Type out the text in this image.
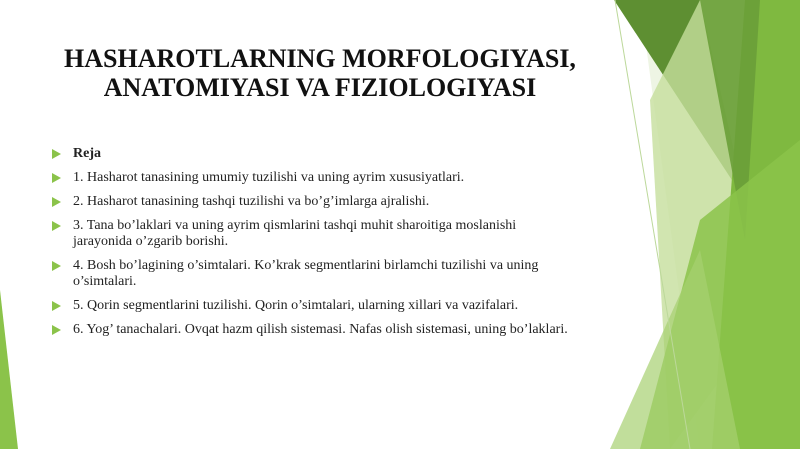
HASHAROTLARNING MORFOLOGIYASI,
ANATOMIYASI VA FIZIOLOGIYASI
Reja
1. Hasharot tanasining umumiy tuzilishi va uning ayrim xususiyatlari.
2. Hasharot tanasining tashqi tuzilishi va bo’g’imlarga ajralishi.
3. Tana bo’laklari va uning ayrim qismlarini tashqi muhit sharoitiga moslanishi jarayonida o’zgarib borishi.
4. Bosh bo’lagining o’simtalari. Ko’krak segmentlarini birlamchi tuzilishi va uning o’simtalari.
5. Qorin segmentlarini tuzilishi. Qorin o’simtalari, ularning xillari va vazifalari.
6. Yog’ tanachalari. Ovqat hazm qilish sistemasi. Nafas olish sistemasi, uning bo’laklari.
